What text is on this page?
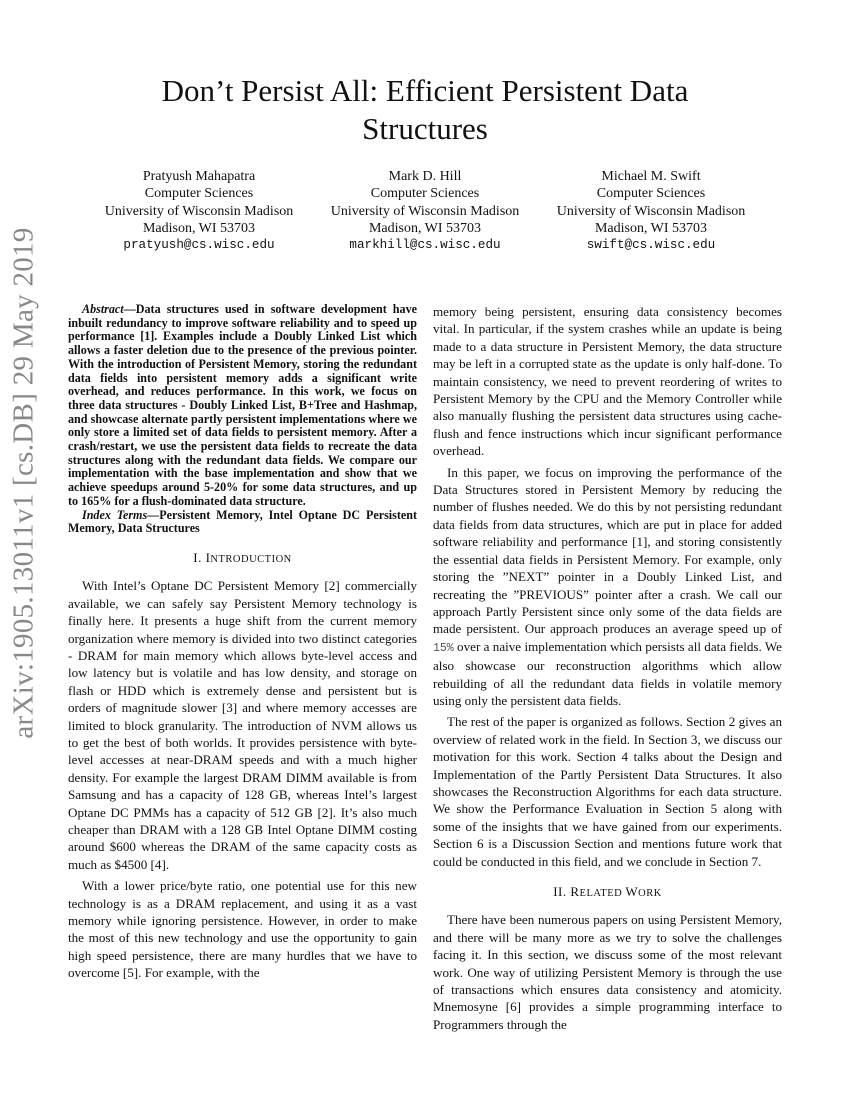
arXiv:1905.13011v1 [cs.DB] 29 May 2019
Don’t Persist All: Efficient Persistent Data Structures
Pratyush Mahapatra
Computer Sciences
University of Wisconsin Madison
Madison, WI 53703
pratyush@cs.wisc.edu
Mark D. Hill
Computer Sciences
University of Wisconsin Madison
Madison, WI 53703
markhill@cs.wisc.edu
Michael M. Swift
Computer Sciences
University of Wisconsin Madison
Madison, WI 53703
swift@cs.wisc.edu

Abstract—Data structures used in software development have inbuilt redundancy to improve software reliability and to speed up performance [1]. Examples include a Doubly Linked List which allows a faster deletion due to the presence of the previous pointer. With the introduction of Persistent Memory, storing the redundant data fields into persistent memory adds a significant write overhead, and reduces performance. In this work, we focus on three data structures - Doubly Linked List, B+Tree and Hashmap, and showcase alternate partly persistent implementations where we only store a limited set of data fields to persistent memory. After a crash/restart, we use the persistent data fields to recreate the data structures along with the redundant data fields. We compare our implementation with the base implementation and show that we achieve speedups around 5-20% for some data structures, and up to 165% for a flush-dominated data structure.

Index Terms—Persistent Memory, Intel Optane DC Persistent Memory, Data Structures

I. INTRODUCTION

With Intel’s Optane DC Persistent Memory [2] commercially available, we can safely say Persistent Memory technology is finally here. It presents a huge shift from the current memory organization where memory is divided into two distinct categories - DRAM for main memory which allows byte-level access and low latency but is volatile and has low density, and storage on flash or HDD which is extremely dense and persistent but is orders of magnitude slower [3] and where memory accesses are limited to block granularity. The introduction of NVM allows us to get the best of both worlds. It provides persistence with byte-level accesses at near-DRAM speeds and with a much higher density. For example the largest DRAM DIMM available is from Samsung and has a capacity of 128 GB, whereas Intel’s largest Optane DC PMMs has a capacity of 512 GB [2]. It’s also much cheaper than DRAM with a 128 GB Intel Optane DIMM costing around $600 whereas the DRAM of the same capacity costs as much as $4500 [4].

With a lower price/byte ratio, one potential use for this new technology is as a DRAM replacement, and using it as a vast memory while ignoring persistence. However, in order to make the most of this new technology and use the opportunity to gain high speed persistence, there are many hurdles that we have to overcome [5]. For example, with the

memory being persistent, ensuring data consistency becomes vital. In particular, if the system crashes while an update is being made to a data structure in Persistent Memory, the data structure may be left in a corrupted state as the update is only half-done. To maintain consistency, we need to prevent reordering of writes to Persistent Memory by the CPU and the Memory Controller while also manually flushing the persistent data structures using cache-flush and fence instructions which incur significant performance overhead.

In this paper, we focus on improving the performance of the Data Structures stored in Persistent Memory by reducing the number of flushes needed. We do this by not persisting redundant data fields from data structures, which are put in place for added software reliability and performance [1], and storing consistently the essential data fields in Persistent Memory. For example, only storing the ”NEXT” pointer in a Doubly Linked List, and recreating the ”PREVIOUS” pointer after a crash. We call our approach Partly Persistent since only some of the data fields are made persistent. Our approach produces an average speed up of 15% over a naive implementation which persists all data fields. We also showcase our reconstruction algorithms which allow rebuilding of all the redundant data fields in volatile memory using only the persistent data fields.

The rest of the paper is organized as follows. Section 2 gives an overview of related work in the field. In Section 3, we discuss our motivation for this work. Section 4 talks about the Design and Implementation of the Partly Persistent Data Structures. It also showcases the Reconstruction Algorithms for each data structure. We show the Performance Evaluation in Section 5 along with some of the insights that we have gained from our experiments. Section 6 is a Discussion Section and mentions future work that could be conducted in this field, and we conclude in Section 7.

II. RELATED WORK

There have been numerous papers on using Persistent Memory, and there will be many more as we try to solve the challenges facing it. In this section, we discuss some of the most relevant work. One way of utilizing Persistent Memory is through the use of transactions which ensures data consistency and atomicity. Mnemosyne [6] provides a simple programming interface to Programmers through the
